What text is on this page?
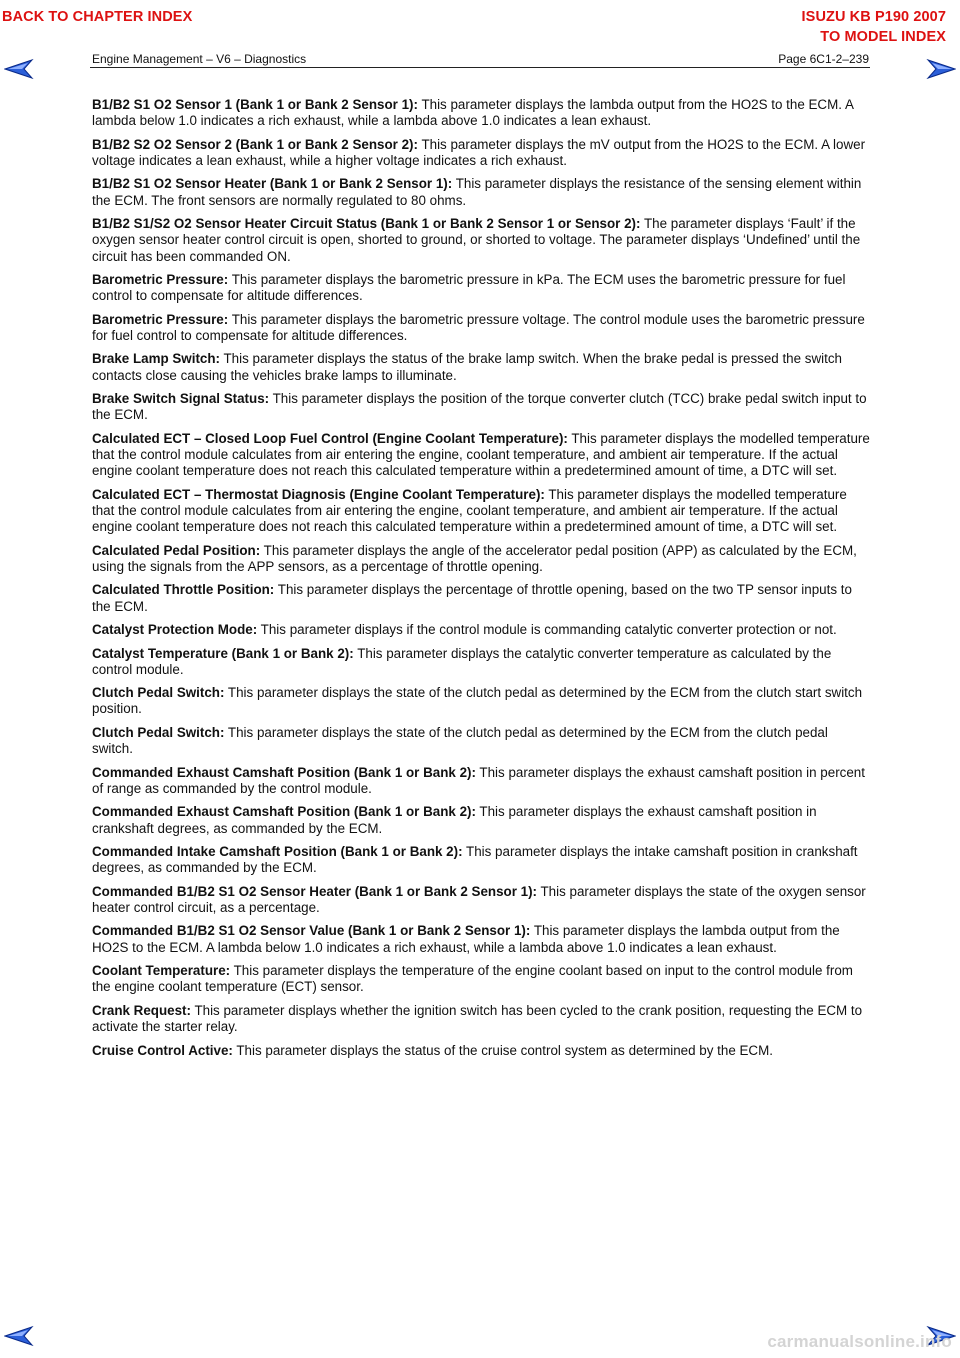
BACK TO CHAPTER INDEX	ISUZU KB P190 2007
TO MODEL INDEX
Engine Management – V6 – Diagnostics	Page 6C1-2–239

B1/B2 S1 O2 Sensor 1 (Bank 1 or Bank 2 Sensor 1): This parameter displays the lambda output from the HO2S to the ECM. A lambda below 1.0 indicates a rich exhaust, while a lambda above 1.0 indicates a lean exhaust.

B1/B2 S2 O2 Sensor 2 (Bank 1 or Bank 2 Sensor 2): This parameter displays the mV output from the HO2S to the ECM. A lower voltage indicates a lean exhaust, while a higher voltage indicates a rich exhaust.

B1/B2 S1 O2 Sensor Heater (Bank 1 or Bank 2 Sensor 1): This parameter displays the resistance of the sensing element within the ECM. The front sensors are normally regulated to 80 ohms.

B1/B2 S1/S2 O2 Sensor Heater Circuit Status (Bank 1 or Bank 2 Sensor 1 or Sensor 2): The parameter displays ‘Fault’ if the oxygen sensor heater control circuit is open, shorted to ground, or shorted to voltage. The parameter displays ‘Undefined’ until the circuit has been commanded ON.

Barometric Pressure: This parameter displays the barometric pressure in kPa. The ECM uses the barometric pressure for fuel control to compensate for altitude differences.

Barometric Pressure: This parameter displays the barometric pressure voltage. The control module uses the barometric pressure for fuel control to compensate for altitude differences.

Brake Lamp Switch: This parameter displays the status of the brake lamp switch. When the brake pedal is pressed the switch contacts close causing the vehicles brake lamps to illuminate.

Brake Switch Signal Status: This parameter displays the position of the torque converter clutch (TCC) brake pedal switch input to the ECM.

Calculated ECT – Closed Loop Fuel Control (Engine Coolant Temperature): This parameter displays the modelled temperature that the control module calculates from air entering the engine, coolant temperature, and ambient air temperature. If the actual engine coolant temperature does not reach this calculated temperature within a predetermined amount of time, a DTC will set.

Calculated ECT – Thermostat Diagnosis (Engine Coolant Temperature): This parameter displays the modelled temperature that the control module calculates from air entering the engine, coolant temperature, and ambient air temperature. If the actual engine coolant temperature does not reach this calculated temperature within a predetermined amount of time, a DTC will set.

Calculated Pedal Position: This parameter displays the angle of the accelerator pedal position (APP) as calculated by the ECM, using the signals from the APP sensors, as a percentage of throttle opening.

Calculated Throttle Position: This parameter displays the percentage of throttle opening, based on the two TP sensor inputs to the ECM.

Catalyst Protection Mode: This parameter displays if the control module is commanding catalytic converter protection or not.

Catalyst Temperature (Bank 1 or Bank 2): This parameter displays the catalytic converter temperature as calculated by the control module.

Clutch Pedal Switch: This parameter displays the state of the clutch pedal as determined by the ECM from the clutch start switch position.

Clutch Pedal Switch: This parameter displays the state of the clutch pedal as determined by the ECM from the clutch pedal switch.

Commanded Exhaust Camshaft Position (Bank 1 or Bank 2): This parameter displays the exhaust camshaft position in percent of range as commanded by the control module.

Commanded Exhaust Camshaft Position (Bank 1 or Bank 2): This parameter displays the exhaust camshaft position in crankshaft degrees, as commanded by the ECM.

Commanded Intake Camshaft Position (Bank 1 or Bank 2): This parameter displays the intake camshaft position in crankshaft degrees, as commanded by the ECM.

Commanded B1/B2 S1 O2 Sensor Heater (Bank 1 or Bank 2 Sensor 1): This parameter displays the state of the oxygen sensor heater control circuit, as a percentage.

Commanded B1/B2 S1 O2 Sensor Value (Bank 1 or Bank 2 Sensor 1): This parameter displays the lambda output from the HO2S to the ECM. A lambda below 1.0 indicates a rich exhaust, while a lambda above 1.0 indicates a lean exhaust.

Coolant Temperature: This parameter displays the temperature of the engine coolant based on input to the control module from the engine coolant temperature (ECT) sensor.

Crank Request: This parameter displays whether the ignition switch has been cycled to the crank position, requesting the ECM to activate the starter relay.

Cruise Control Active: This parameter displays the status of the cruise control system as determined by the ECM.

carmanualsonline.info
